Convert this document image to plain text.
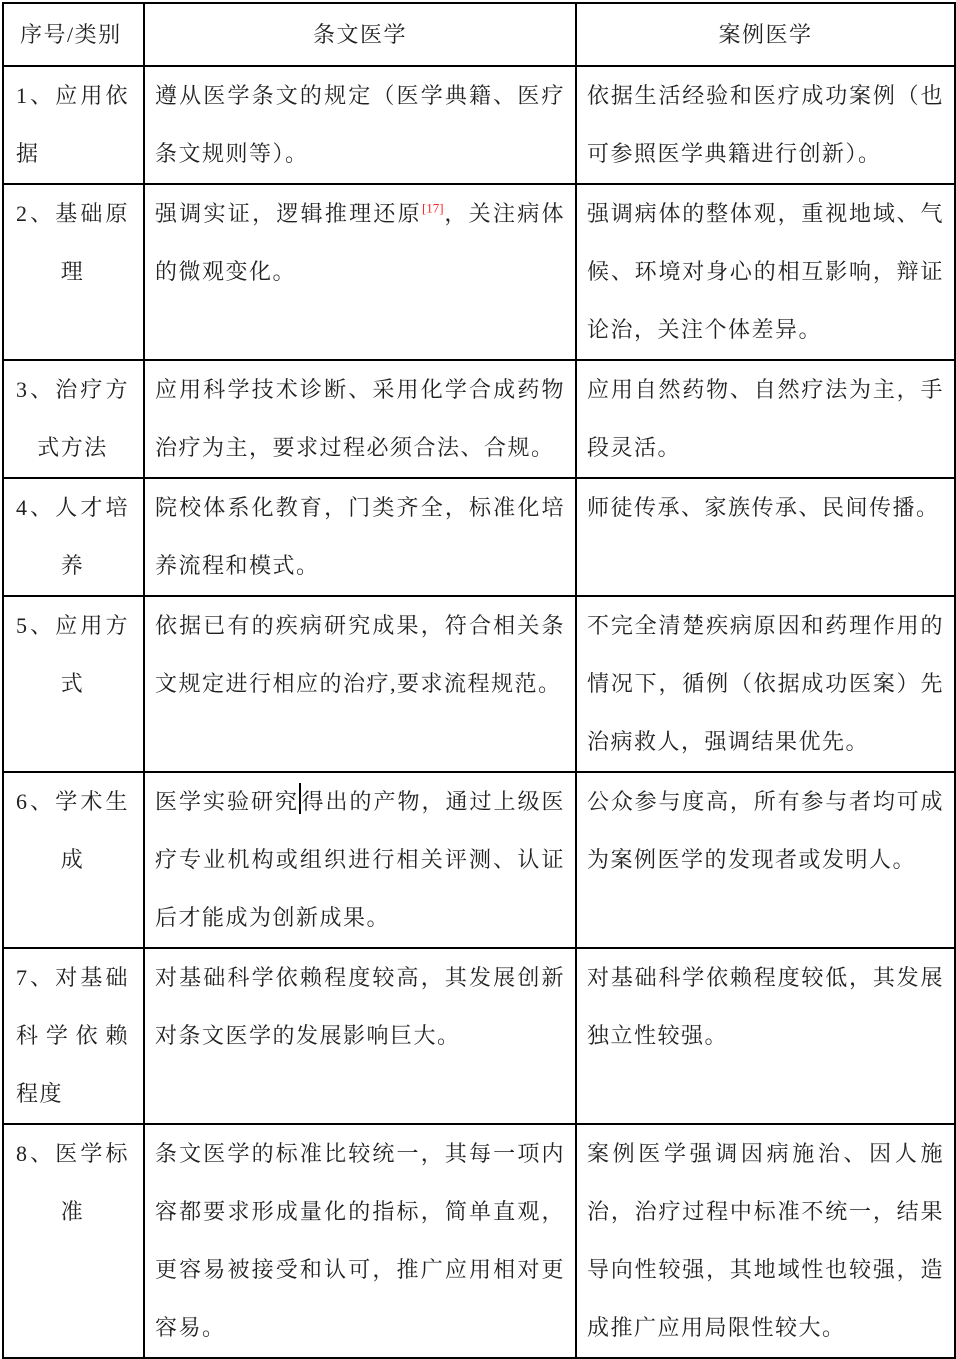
序号/类别	条文医学	案例医学
1、应用依据	遵从医学条文的规定（医学典籍、医疗条文规则等）。	依据生活经验和医疗成功案例（也可参照医学典籍进行创新）。
2、基础原理	强调实证，逻辑推理还原[17]，关注病体的微观变化。	强调病体的整体观，重视地域、气候、环境对身心的相互影响，辩证论治，关注个体差异。
3、治疗方式方法	应用科学技术诊断、采用化学合成药物治疗为主，要求过程必须合法、合规。	应用自然药物、自然疗法为主，手段灵活。
4、人才培养	院校体系化教育，门类齐全，标准化培养流程和模式。	师徒传承、家族传承、民间传播。
5、应用方式	依据已有的疾病研究成果，符合相关条文规定进行相应的治疗,要求流程规范。	不完全清楚疾病原因和药理作用的情况下，循例（依据成功医案）先治病救人，强调结果优先。
6、学术生成	医学实验研究得出的产物，通过上级医疗专业机构或组织进行相关评测、认证后才能成为创新成果。	公众参与度高，所有参与者均可成为案例医学的发现者或发明人。
7、对基础科学依赖程度	对基础科学依赖程度较高，其发展创新对条文医学的发展影响巨大。	对基础科学依赖程度较低，其发展独立性较强。
8、医学标准	条文医学的标准比较统一，其每一项内容都要求形成量化的指标，简单直观，更容易被接受和认可，推广应用相对更容易。	案例医学强调因病施治、因人施治，治疗过程中标准不统一，结果导向性较强，其地域性也较强，造成推广应用局限性较大。
